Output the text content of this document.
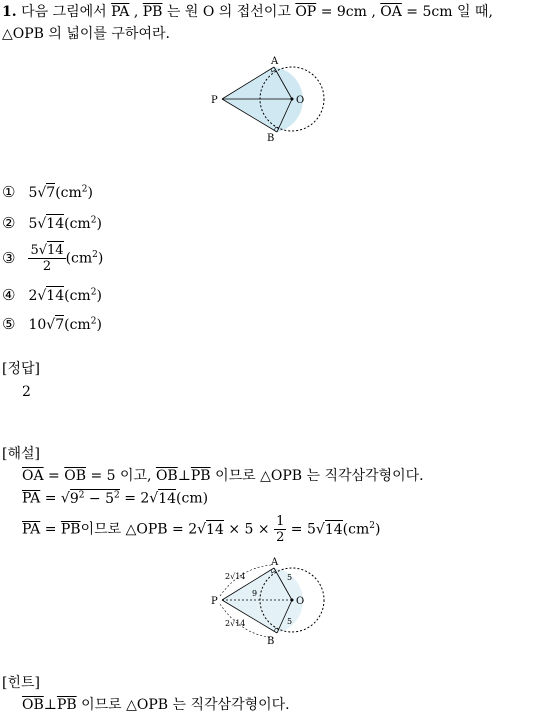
1. 다음 그림에서 $\overline{PA}$ , $\overline{PB}$ 는 원 O 의 접선이고 $\overline{OP} = 9cm$ , $\overline{OA} = 5cm$ 일 때,
△OPB 의 넓이를 구하여라.
P
A
B
O
① $5√7(cm^2)$
② $5√14(cm^2)$
③ $\frac{5√14}{2} (cm^2)$
④ $2√14(cm^2)$
⑤ $10√7(cm^2)$
[정답]
2
[해설]
$\overline{OA} = \overline{OB} = 5$ 이고, $\overline{OB}\perp\overline{PB}$ 이므로 △OPB 는 직각삼각형이다.
$\overline{PA} = √9^2 - 5^2 = 2√14(cm)$
$\overline{PA} = \overline{PB}$이므로 △OPB = $2√14 \times 5 \times \frac{1}{2} = 5√14(cm^2)$
P
A
B
O
2√14
9
5
5
2√14
[힌트]
$\overline{OB}\perp\overline{PB}$ 이므로 △OPB 는 직각삼각형이다.
